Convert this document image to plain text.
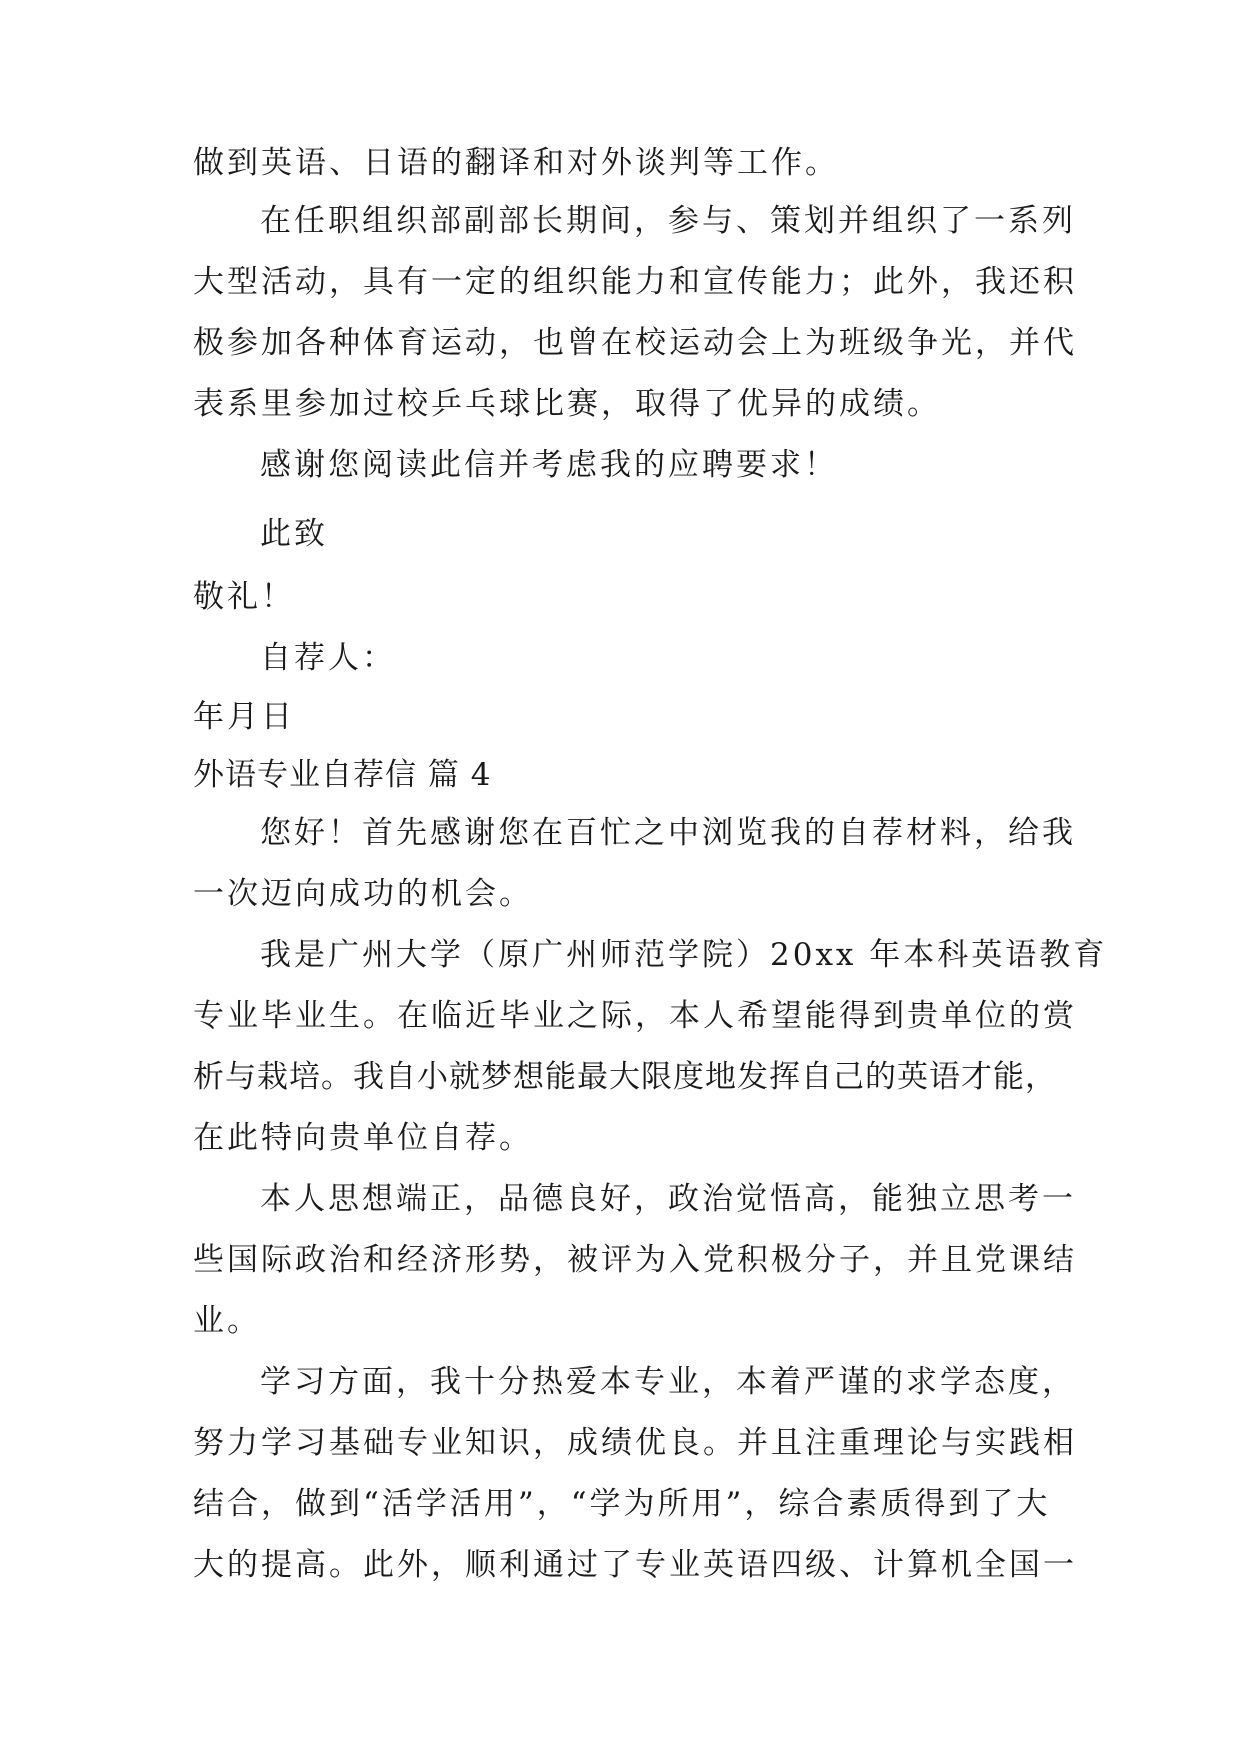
做到英语、日语的翻译和对外谈判等工作。
在任职组织部副部长期间，参与、策划并组织了一系列
大型活动，具有一定的组织能力和宣传能力；此外，我还积
极参加各种体育运动，也曾在校运动会上为班级争光，并代
表系里参加过校乒乓球比赛，取得了优异的成绩。
感谢您阅读此信并考虑我的应聘要求！
此致
敬礼！
自荐人：
年月日
外语专业自荐信 篇 4
您好！首先感谢您在百忙之中浏览我的自荐材料，给我
一次迈向成功的机会。
我是广州大学（原广州师范学院）20xx 年本科英语教育
专业毕业生。在临近毕业之际，本人希望能得到贵单位的赏
析与栽培。我自小就梦想能最大限度地发挥自己的英语才能，
在此特向贵单位自荐。
本人思想端正，品德良好，政治觉悟高，能独立思考一
些国际政治和经济形势，被评为入党积极分子，并且党课结
业。
学习方面，我十分热爱本专业，本着严谨的求学态度，
努力学习基础专业知识，成绩优良。并且注重理论与实践相
结合，做到“活学活用”，“学为所用”，综合素质得到了大
大的提高。此外，顺利通过了专业英语四级、计算机全国一
